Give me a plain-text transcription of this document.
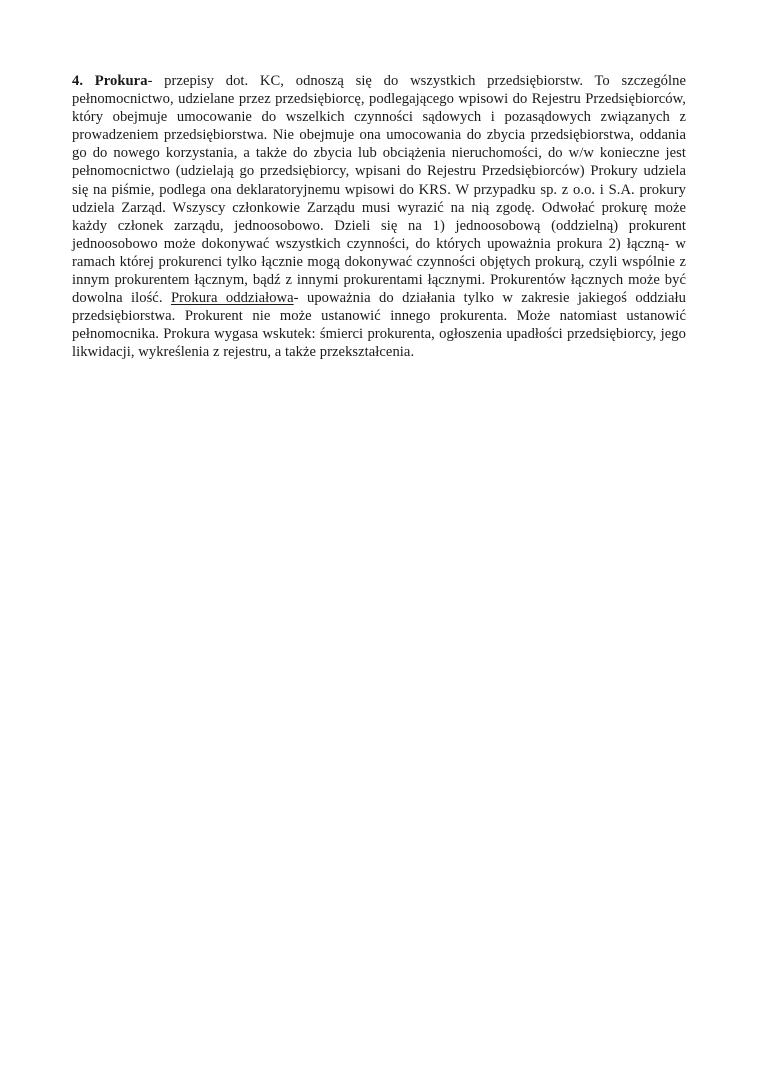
4. Prokura- przepisy dot. KC, odnoszą się do wszystkich przedsiębiorstw. To szczególne pełnomocnictwo, udzielane przez przedsiębiorcę, podlegającego wpisowi do Rejestru Przedsiębiorców, który obejmuje umocowanie do wszelkich czynności sądowych i pozasądowych związanych z prowadzeniem przedsiębiorstwa. Nie obejmuje ona umocowania do zbycia przedsiębiorstwa, oddania go do nowego korzystania, a także do zbycia lub obciążenia nieruchomości, do w/w konieczne jest pełnomocnictwo (udzielają go przedsiębiorcy, wpisani do Rejestru Przedsiębiorców) Prokury udziela się na piśmie, podlega ona deklaratoryjnemu wpisowi do KRS. W przypadku sp. z o.o. i S.A. prokury udziela Zarząd. Wszyscy członkowie Zarządu musi wyrazić na nią zgodę. Odwołać prokurę może każdy członek zarządu, jednoosobowo. Dzieli się na 1) jednoosobową (oddzielną) prokurent jednoosobowo może dokonywać wszystkich czynności, do których upoważnia prokura 2) łączną- w ramach której prokurenci tylko łącznie mogą dokonywać czynności objętych prokurą, czyli wspólnie z innym prokurentem łącznym, bądź z innymi prokurentami łącznymi. Prokurentów łącznych może być dowolna ilość. Prokura oddziałowa- upoważnia do działania tylko w zakresie jakiegoś oddziału przedsiębiorstwa. Prokurent nie może ustanowić innego prokurenta. Może natomiast ustanowić pełnomocnika. Prokura wygasa wskutek: śmierci prokurenta, ogłoszenia upadłości przedsiębiorcy, jego likwidacji, wykreślenia z rejestru, a także przekształcenia.
